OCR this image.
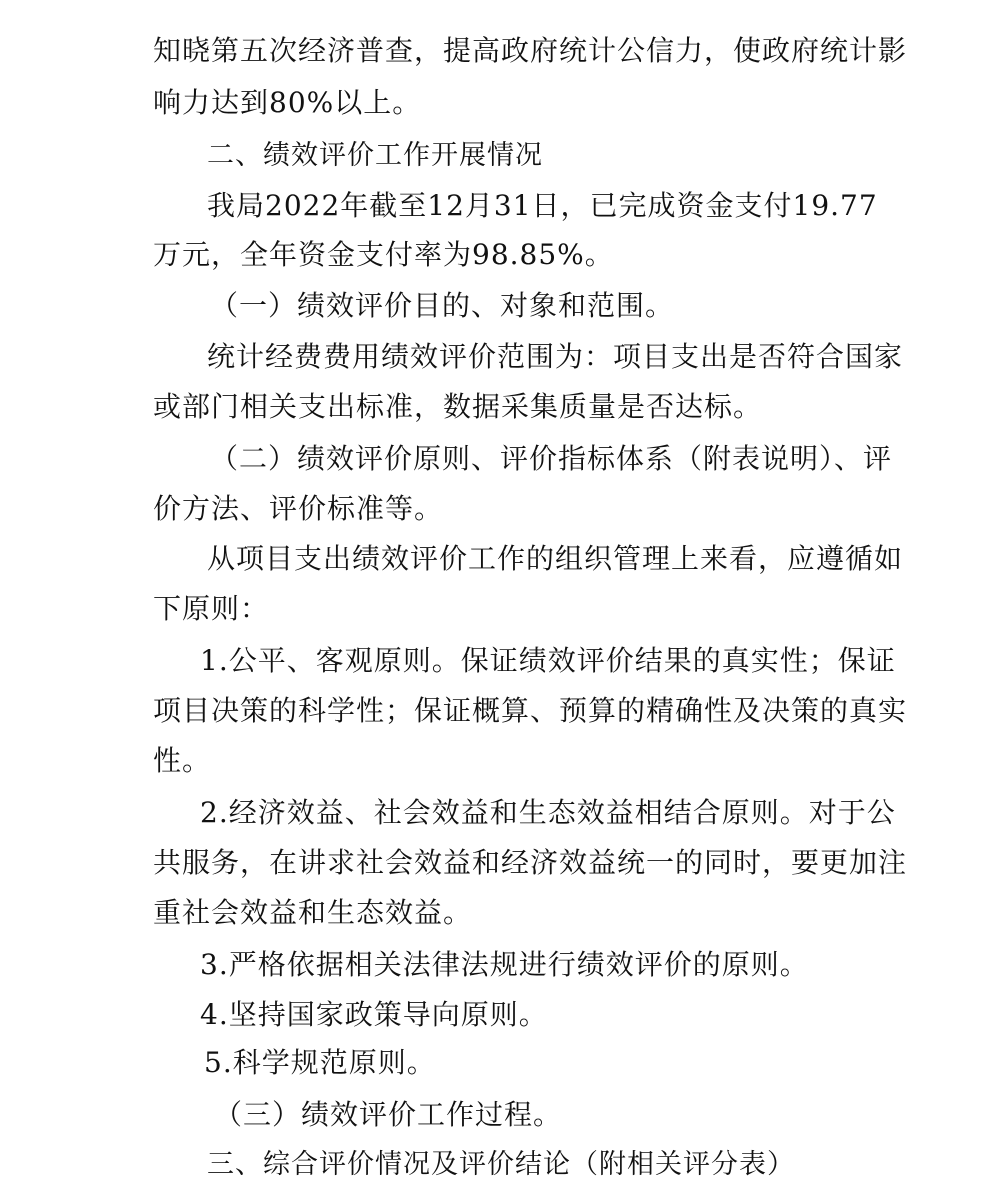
知晓第五次经济普查，提高政府统计公信力，使政府统计影
响力达到80%以上。
二、绩效评价工作开展情况
我局2022年截至12月31日，已完成资金支付19.77
万元，全年资金支付率为98.85%。
（一）绩效评价目的、对象和范围。
统计经费费用绩效评价范围为：项目支出是否符合国家
或部门相关支出标准，数据采集质量是否达标。
（二）绩效评价原则、评价指标体系（附表说明）、评
价方法、评价标准等。
从项目支出绩效评价工作的组织管理上来看，应遵循如
下原则：
1.公平、客观原则。保证绩效评价结果的真实性；保证
项目决策的科学性；保证概算、预算的精确性及决策的真实
性。
2.经济效益、社会效益和生态效益相结合原则。对于公
共服务，在讲求社会效益和经济效益统一的同时，要更加注
重社会效益和生态效益。
3.严格依据相关法律法规进行绩效评价的原则。
4.坚持国家政策导向原则。
5.科学规范原则。
（三）绩效评价工作过程。
三、综合评价情况及评价结论（附相关评分表）
